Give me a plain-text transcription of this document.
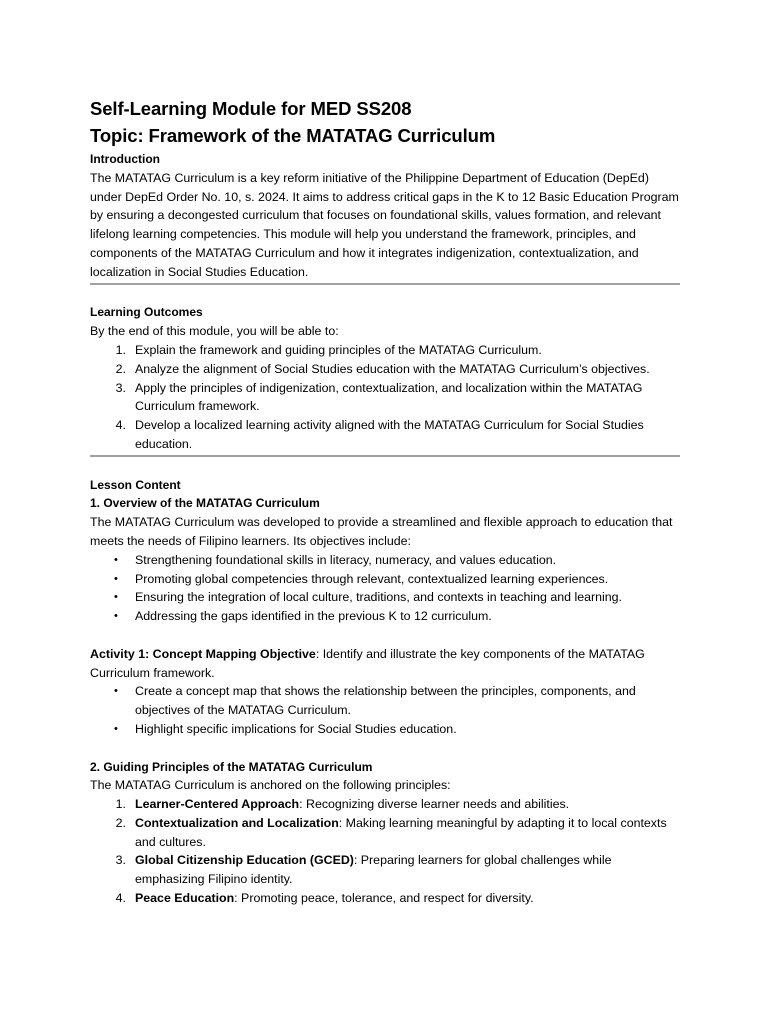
Self-Learning Module for MED SS208
Topic: Framework of the MATATAG Curriculum
Introduction

The MATATAG Curriculum is a key reform initiative of the Philippine Department of Education (DepEd) under DepEd Order No. 10, s. 2024. It aims to address critical gaps in the K to 12 Basic Education Program by ensuring a decongested curriculum that focuses on foundational skills, values formation, and relevant lifelong learning competencies. This module will help you understand the framework, principles, and components of the MATATAG Curriculum and how it integrates indigenization, contextualization, and localization in Social Studies Education.

Learning Outcomes

By the end of this module, you will be able to:

1. Explain the framework and guiding principles of the MATATAG Curriculum.
2. Analyze the alignment of Social Studies education with the MATATAG Curriculum’s objectives.
3. Apply the principles of indigenization, contextualization, and localization within the MATATAG Curriculum framework.
4. Develop a localized learning activity aligned with the MATATAG Curriculum for Social Studies education.
Lesson Content
1. Overview of the MATATAG Curriculum

The MATATAG Curriculum was developed to provide a streamlined and flexible approach to education that meets the needs of Filipino learners. Its objectives include:

• Strengthening foundational skills in literacy, numeracy, and values education.
• Promoting global competencies through relevant, contextualized learning experiences.
• Ensuring the integration of local culture, traditions, and contexts in teaching and learning.
• Addressing the gaps identified in the previous K to 12 curriculum.

Activity 1: Concept Mapping Objective: Identify and illustrate the key components of the MATATAG Curriculum framework.

• Create a concept map that shows the relationship between the principles, components, and objectives of the MATATAG Curriculum.
• Highlight specific implications for Social Studies education.
2. Guiding Principles of the MATATAG Curriculum

The MATATAG Curriculum is anchored on the following principles:

1. Learner-Centered Approach: Recognizing diverse learner needs and abilities.
2. Contextualization and Localization: Making learning meaningful by adapting it to local contexts and cultures.
3. Global Citizenship Education (GCED): Preparing learners for global challenges while emphasizing Filipino identity.
4. Peace Education: Promoting peace, tolerance, and respect for diversity.
